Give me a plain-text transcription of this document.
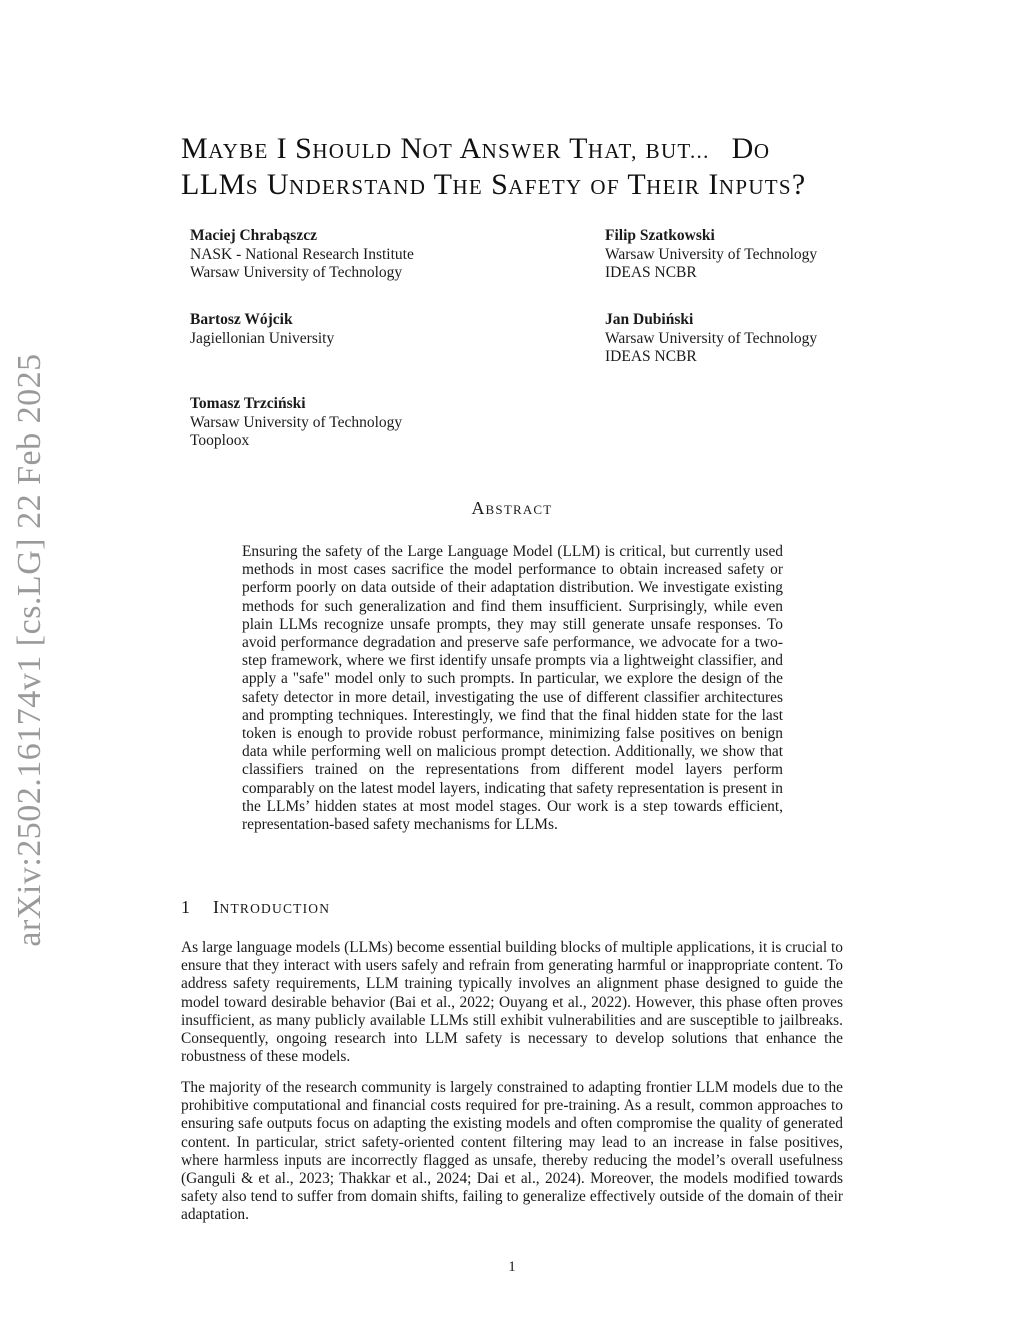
arXiv:2502.16174v1 [cs.LG] 22 Feb 2025
MAYBE I SHOULD NOT ANSWER THAT, BUT... DO
LLMS UNDERSTAND THE SAFETY OF THEIR INPUTS?
Maciej Chrabąszcz
NASK - National Research Institute
Warsaw University of Technology
Filip Szatkowski
Warsaw University of Technology
IDEAS NCBR
Bartosz Wójcik
Jagiellonian University
Jan Dubiński
Warsaw University of Technology
IDEAS NCBR
Tomasz Trzciński
Warsaw University of Technology
Tooploox
ABSTRACT
Ensuring the safety of the Large Language Model (LLM) is critical, but currently used methods in most cases sacrifice the model performance to obtain increased safety or perform poorly on data outside of their adaptation distribution. We investigate existing methods for such generalization and find them insufficient. Surprisingly, while even plain LLMs recognize unsafe prompts, they may still generate unsafe responses. To avoid performance degradation and preserve safe performance, we advocate for a two-step framework, where we first identify unsafe prompts via a lightweight classifier, and apply a "safe" model only to such prompts. In particular, we explore the design of the safety detector in more detail, investigating the use of different classifier architectures and prompting techniques. Interestingly, we find that the final hidden state for the last token is enough to provide robust performance, minimizing false positives on benign data while performing well on malicious prompt detection. Additionally, we show that classifiers trained on the representations from different model layers perform comparably on the latest model layers, indicating that safety representation is present in the LLMs’ hidden states at most model stages. Our work is a step towards efficient, representation-based safety mechanisms for LLMs.
1 INTRODUCTION
As large language models (LLMs) become essential building blocks of multiple applications, it is crucial to ensure that they interact with users safely and refrain from generating harmful or inappropriate content. To address safety requirements, LLM training typically involves an alignment phase designed to guide the model toward desirable behavior (Bai et al., 2022; Ouyang et al., 2022). However, this phase often proves insufficient, as many publicly available LLMs still exhibit vulnerabilities and are susceptible to jailbreaks. Consequently, ongoing research into LLM safety is necessary to develop solutions that enhance the robustness of these models.
The majority of the research community is largely constrained to adapting frontier LLM models due to the prohibitive computational and financial costs required for pre-training. As a result, common approaches to ensuring safe outputs focus on adapting the existing models and often compromise the quality of generated content. In particular, strict safety-oriented content filtering may lead to an increase in false positives, where harmless inputs are incorrectly flagged as unsafe, thereby reducing the model’s overall usefulness (Ganguli & et al., 2023; Thakkar et al., 2024; Dai et al., 2024). Moreover, the models modified towards safety also tend to suffer from domain shifts, failing to generalize effectively outside of the domain of their adaptation.
1
